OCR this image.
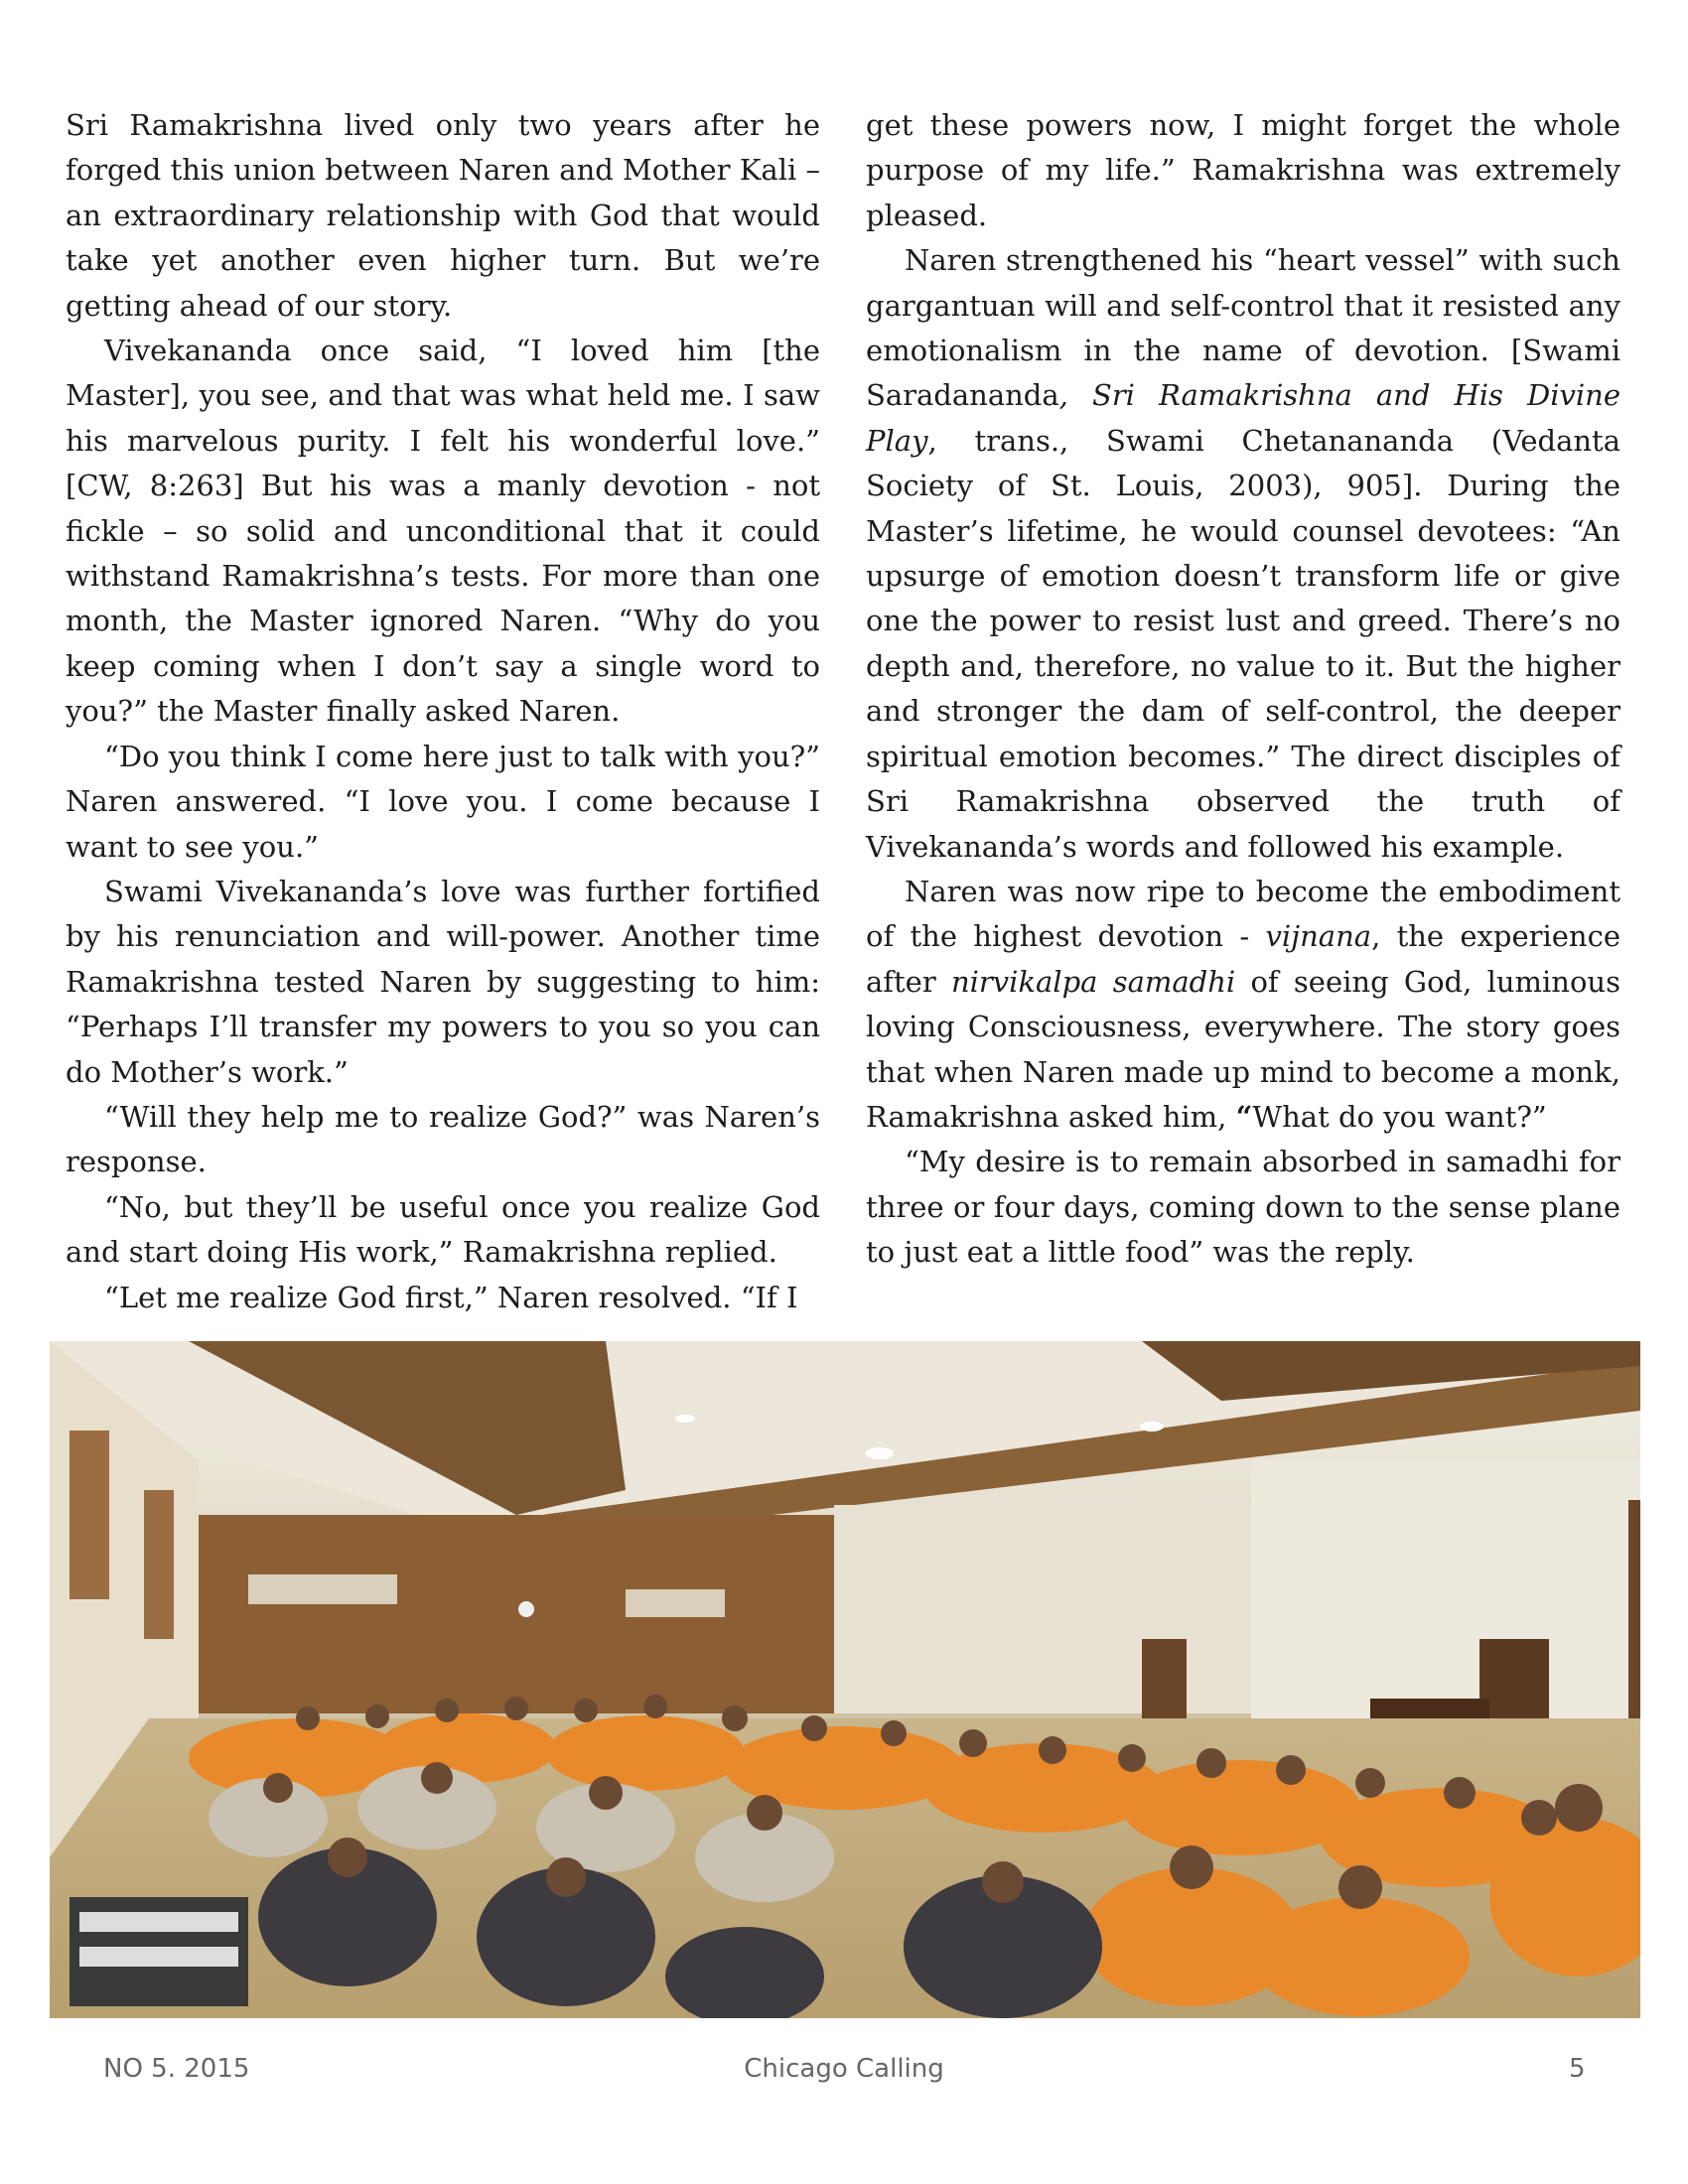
Sri Ramakrishna lived only two years after he forged this union between Naren and Mother Kali – an extraordinary relationship with God that would take yet another even higher turn. But we’re getting ahead of our story.

Vivekananda once said, “I loved him [the Master], you see, and that was what held me. I saw his marvelous purity. I felt his wonderful love.” [CW, 8:263] But his was a manly devotion - not fickle – so solid and unconditional that it could withstand Ramakrishna’s tests. For more than one month, the Master ignored Naren. “Why do you keep coming when I don’t say a single word to you?” the Master finally asked Naren.

“Do you think I come here just to talk with you?” Naren answered. “I love you. I come because I want to see you.”

Swami Vivekananda’s love was further fortified by his renunciation and will-power. Another time Ramakrishna tested Naren by suggesting to him: “Perhaps I’ll transfer my powers to you so you can do Mother’s work.”

“Will they help me to realize God?” was Naren’s response.

“No, but they’ll be useful once you realize God and start doing His work,” Ramakrishna replied.

“Let me realize God first,” Naren resolved. “If I

get these powers now, I might forget the whole purpose of my life.” Ramakrishna was extremely pleased.

Naren strengthened his “heart vessel” with such gargantuan will and self-control that it resisted any emotionalism in the name of devotion. [Swami Saradananda, Sri Ramakrishna and His Divine Play, trans., Swami Chetanananda (Vedanta Society of St. Louis, 2003), 905]. During the Master’s lifetime, he would counsel devotees: “An upsurge of emotion doesn’t transform life or give one the power to resist lust and greed. There’s no depth and, therefore, no value to it. But the higher and stronger the dam of self-control, the deeper spiritual emotion becomes.” The direct disciples of Sri Ramakrishna observed the truth of Vivekananda’s words and followed his example.

Naren was now ripe to become the embodiment of the highest devotion - vijnana, the experience after nirvikalpa samadhi of seeing God, luminous loving Consciousness, everywhere. The story goes that when Naren made up mind to become a monk, Ramakrishna asked him, “What do you want?”

“My desire is to remain absorbed in samadhi for three or four days, coming down to the sense plane to just eat a little food” was the reply.

NO 5. 2015	Chicago Calling	5
